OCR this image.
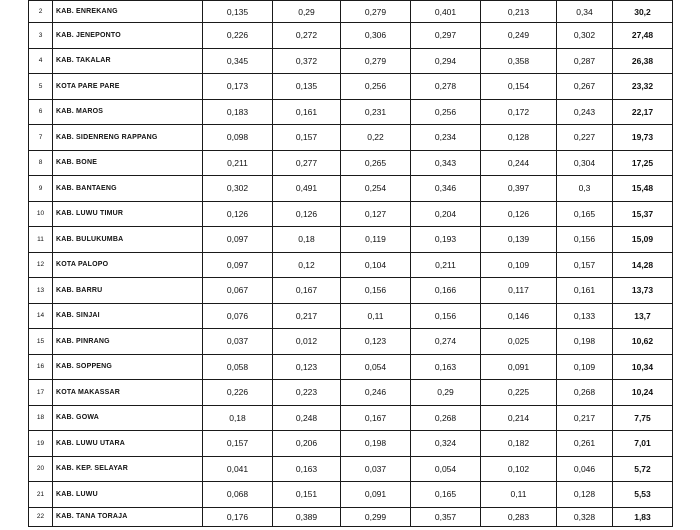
2	KAB. ENREKANG	0,135	0,29	0,279	0,401	0,213	0,34	30,2
3	KAB. JENEPONTO	0,226	0,272	0,306	0,297	0,249	0,302	27,48
4	KAB. TAKALAR	0,345	0,372	0,279	0,294	0,358	0,287	26,38
5	KOTA PARE PARE	0,173	0,135	0,256	0,278	0,154	0,267	23,32
6	KAB. MAROS	0,183	0,161	0,231	0,256	0,172	0,243	22,17
7	KAB. SIDENRENG RAPPANG	0,098	0,157	0,22	0,234	0,128	0,227	19,73
8	KAB. BONE	0,211	0,277	0,265	0,343	0,244	0,304	17,25
9	KAB. BANTAENG	0,302	0,491	0,254	0,346	0,397	0,3	15,48
10	KAB. LUWU TIMUR	0,126	0,126	0,127	0,204	0,126	0,165	15,37
11	KAB. BULUKUMBA	0,097	0,18	0,119	0,193	0,139	0,156	15,09
12	KOTA PALOPO	0,097	0,12	0,104	0,211	0,109	0,157	14,28
13	KAB. BARRU	0,067	0,167	0,156	0,166	0,117	0,161	13,73
14	KAB. SINJAI	0,076	0,217	0,11	0,156	0,146	0,133	13,7
15	KAB. PINRANG	0,037	0,012	0,123	0,274	0,025	0,198	10,62
16	KAB. SOPPENG	0,058	0,123	0,054	0,163	0,091	0,109	10,34
17	KOTA MAKASSAR	0,226	0,223	0,246	0,29	0,225	0,268	10,24
18	KAB. GOWA	0,18	0,248	0,167	0,268	0,214	0,217	7,75
19	KAB. LUWU UTARA	0,157	0,206	0,198	0,324	0,182	0,261	7,01
20	KAB. KEP. SELAYAR	0,041	0,163	0,037	0,054	0,102	0,046	5,72
21	KAB. LUWU	0,068	0,151	0,091	0,165	0,11	0,128	5,53
22	KAB. TANA TORAJA	0,176	0,389	0,299	0,357	0,283	0,328	1,83
